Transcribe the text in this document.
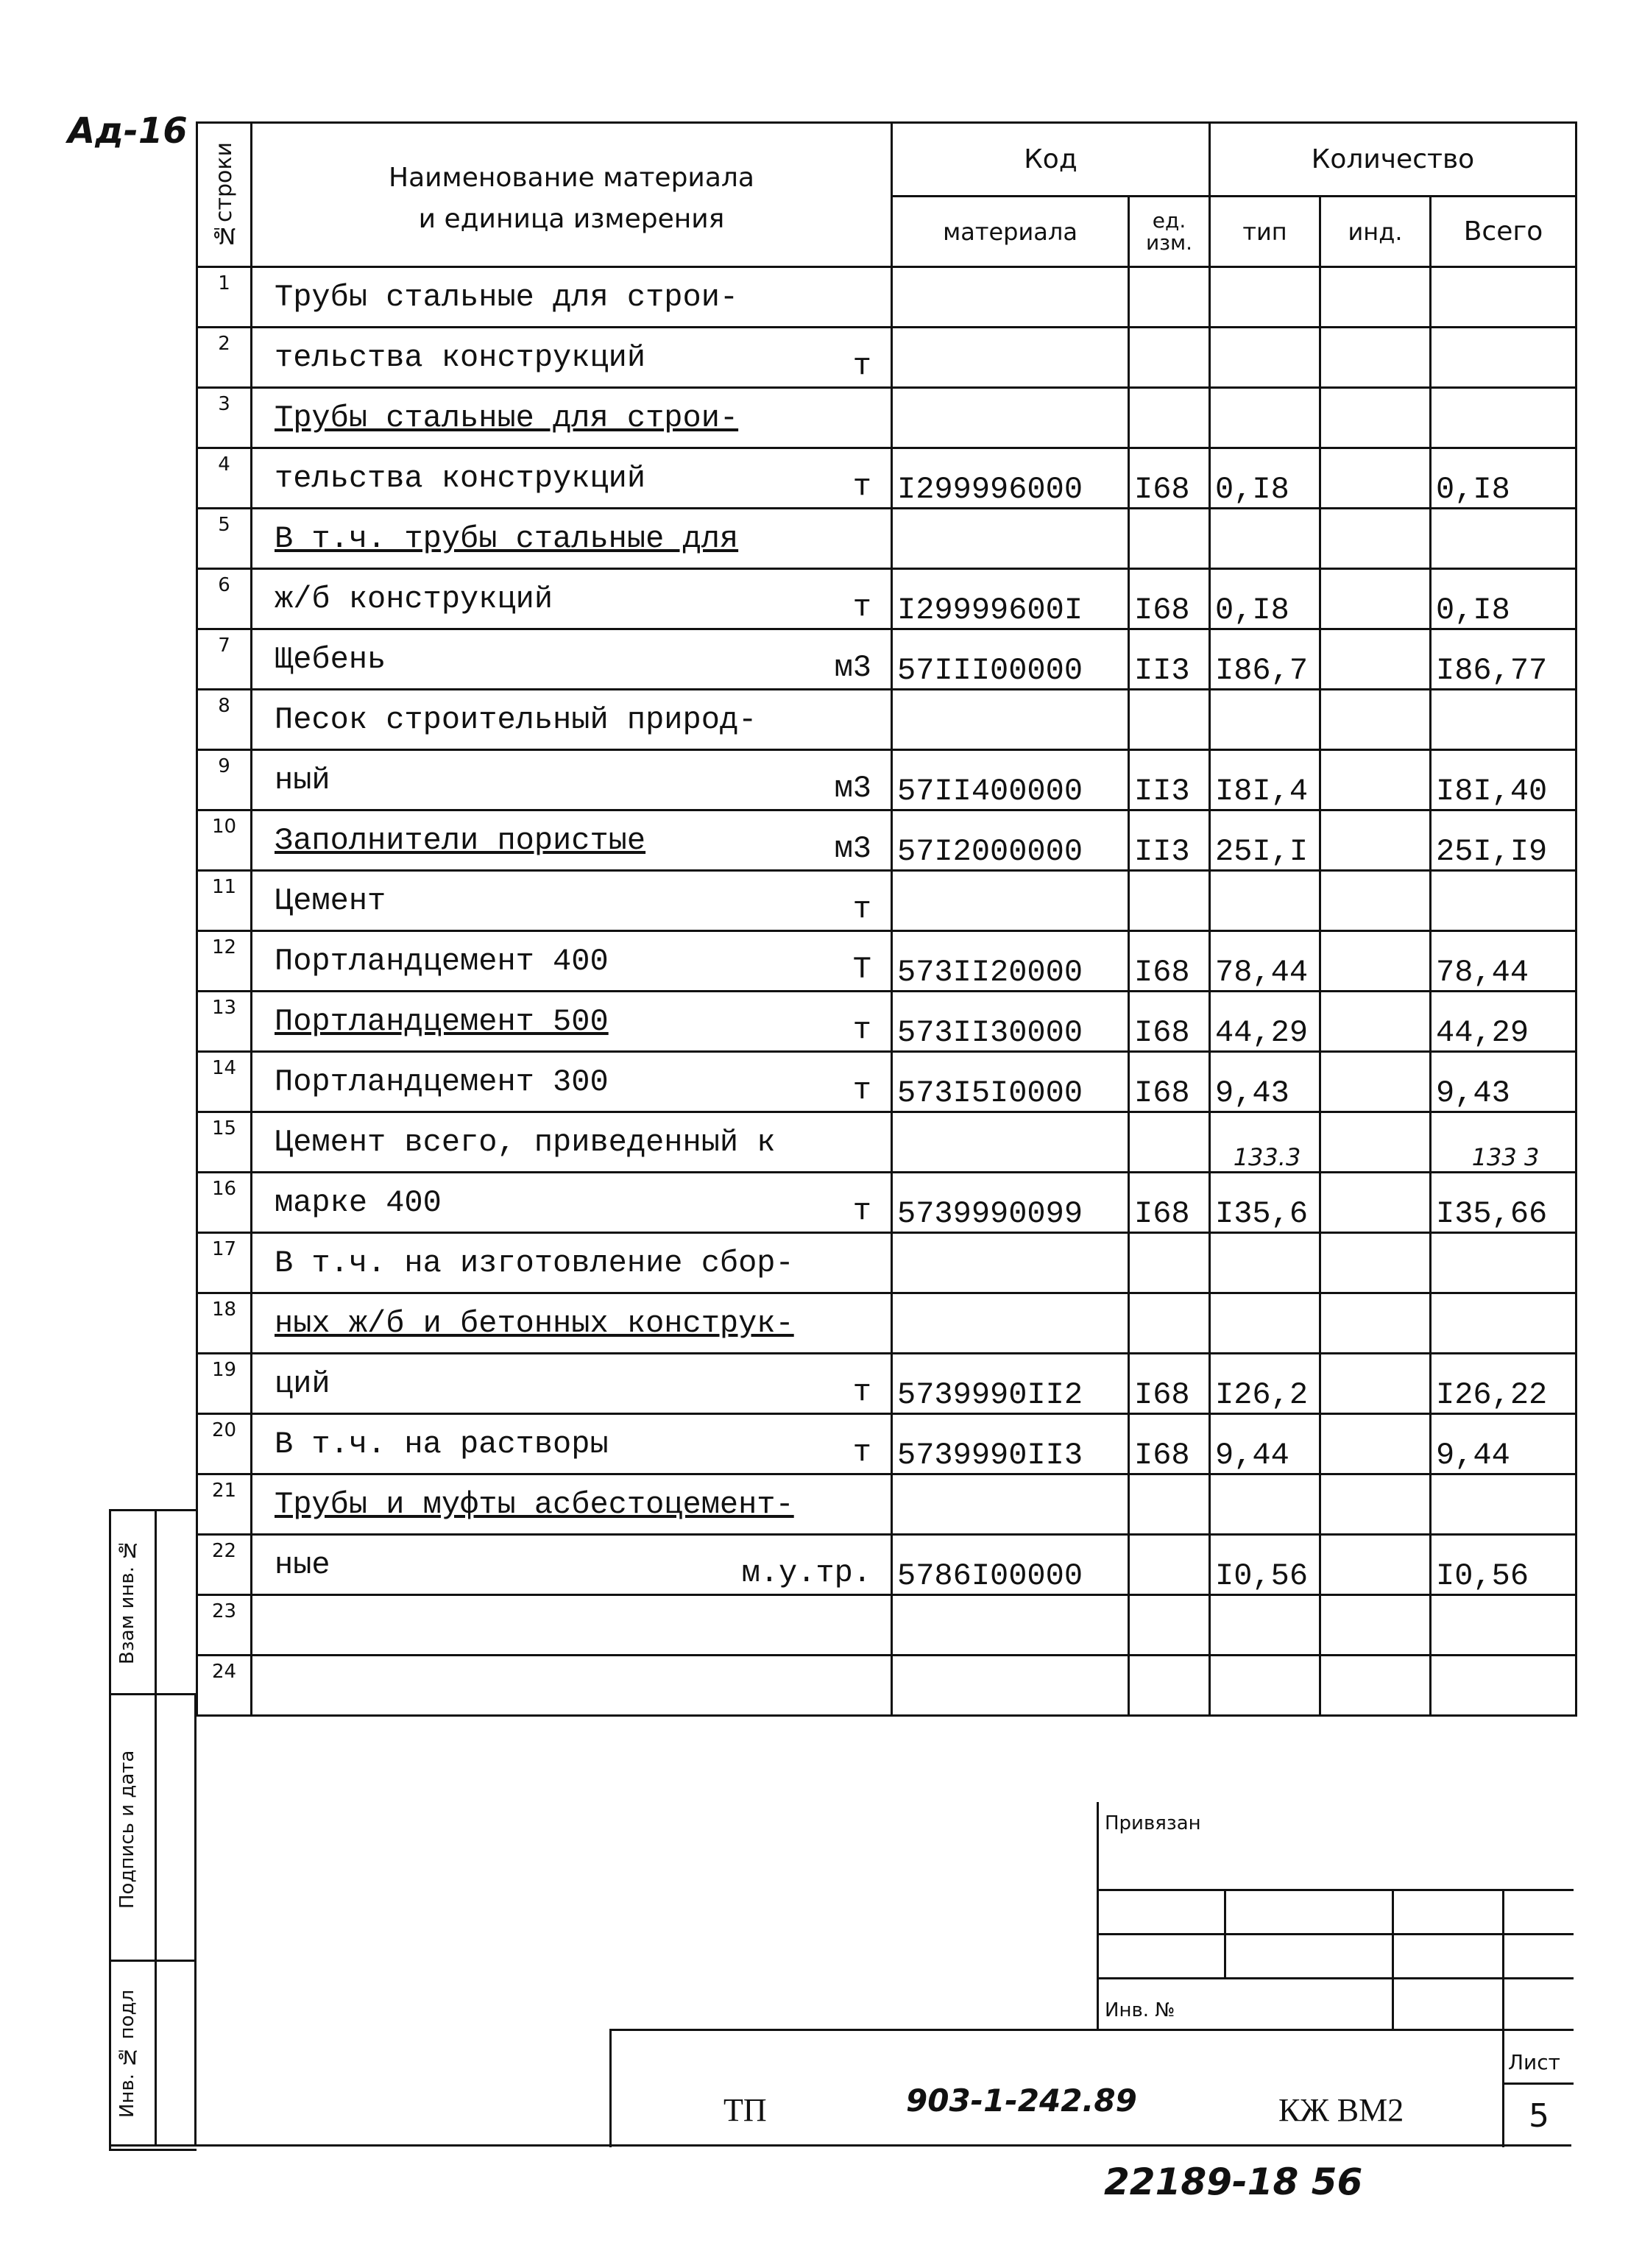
Ад-16
№строки	Наименование материала
и единица измерения	Код		Количество		
		материала	ед. изм.	тип	инд.	Всего
1	Трубы стальные для строи-

2	тельства конструкций т					

3	Трубы стальные для строи-

4	тельства конструкций т	I299996000	I68	0,I8		0,I8
5	В т.ч. трубы стальные для

6	ж/б конструкций т	I29999600I	I68	0,I8		0,I8
7	Щебень м3	57III00000	II3	I86,7		I86,77
8	Песок строительный природ-

9	ный м3	57II400000	II3	I8I,4		I8I,40
10	Заполнители пористые м3	57I2000000	II3	25I,I		25I,I9
11	Цемент т					

12	Портландцемент 400 Т	573II20000	I68	78,44		78,44
13	Портландцемент 500 т	573II30000	I68	44,29		44,29
14	Портландцемент 300 т	573I5I0000	I68	9,43		9,43
15	Цемент всего, приведенный к			133.3		133 3
16	марке 400 т	5739990099	I68	I35,6		I35,66
17	В т.ч. на изготовление сбор-

18	ных ж/б и бетонных конструк-

19	ций т	5739990II2	I68	I26,2		I26,22
20	В т.ч. на растворы т	5739990II3	I68	9,44		9,44
21	Трубы и муфты асбестоцемент-

22	ные м.у.тр.	5786I00000		I0,56		I0,56
23	

24	

Взам инв. №
Подпись и дата
Инв. № подл
Привязан
Инв. №
Лист
5
ТП	903-1-242.89	КЖ ВМ2
22189-18 56
